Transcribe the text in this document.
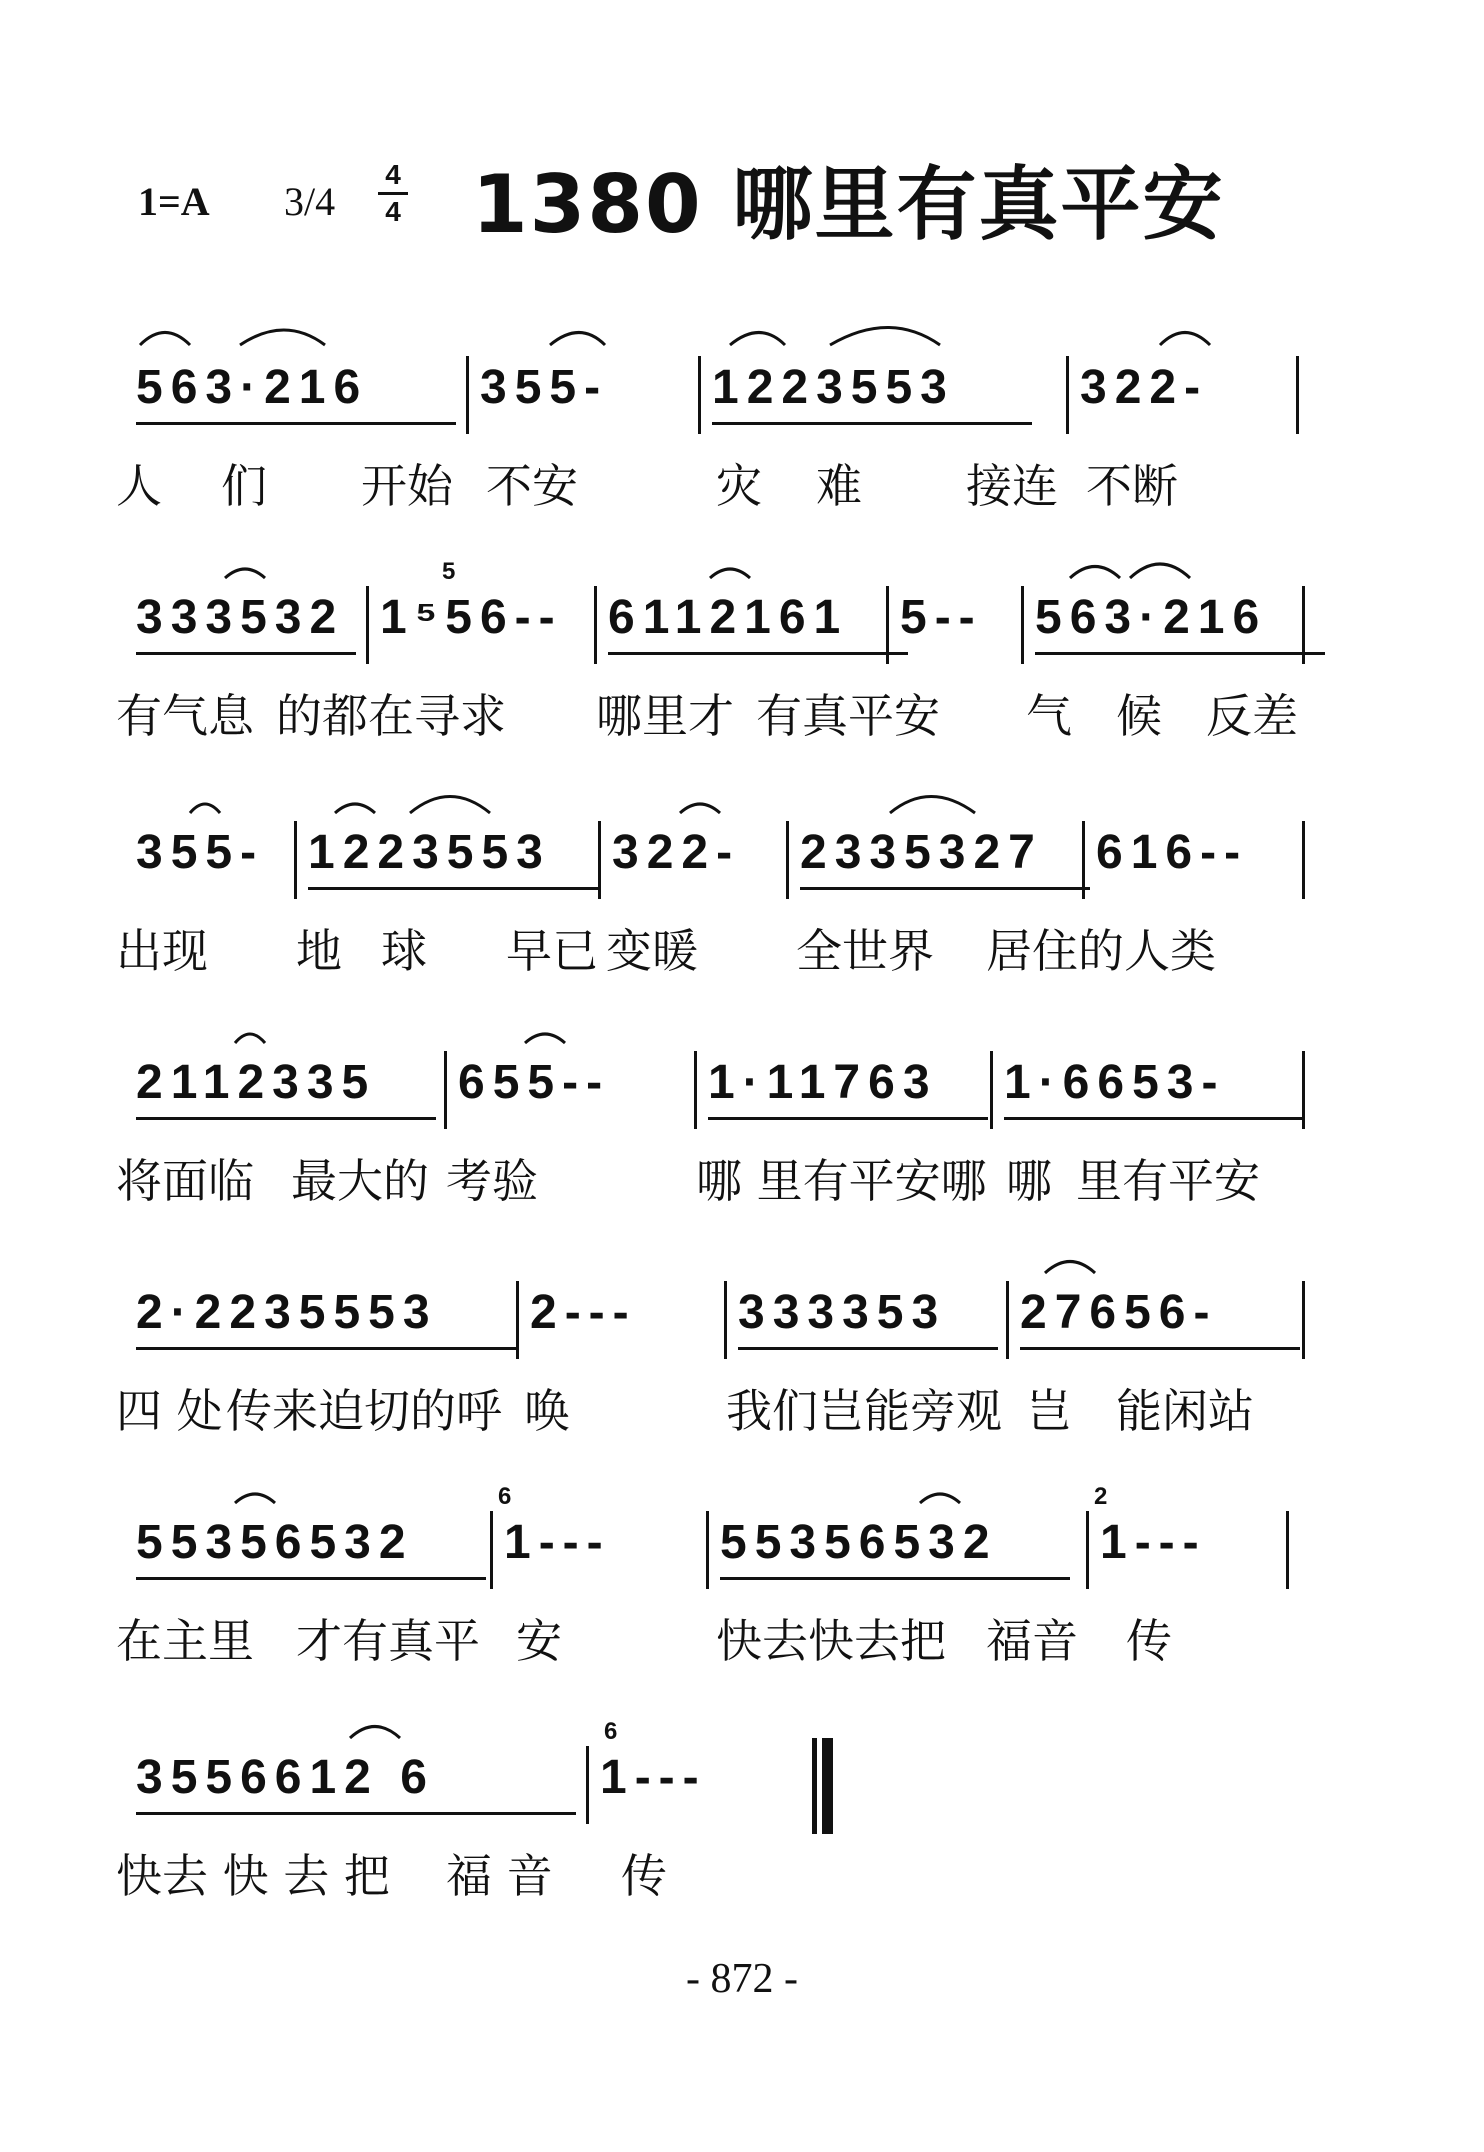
1=A 3/4
4
4 1380 哪里有真平安
563·216	355-	1223553	322-
人 们 开始 不安	灾 难 接连 不断
333532 1⁵56--
5
6112161	5--	563·216
有气息 的都在寻求 哪里才 有真平安 气 候 反差
355- 1223553	322-	2335327	616--
出现 地 球 早已 变暖 全世界 居住的人类
2112335	655--	1·11763	1·6653-
将面临 最大的 考验	哪 里有平安哪 哪 里有平安
2·2235553	2---	333353	27656-
四 处 传来迫切的呼 唤	我们岂能旁观 岂 能闲站
55356532
6
1---	55356532
2
1---
在主里 才有真平 安	快去快去把 福音 传
3556612 6
6
1---
快去 快 去 把 福 音 传
- 872 -
